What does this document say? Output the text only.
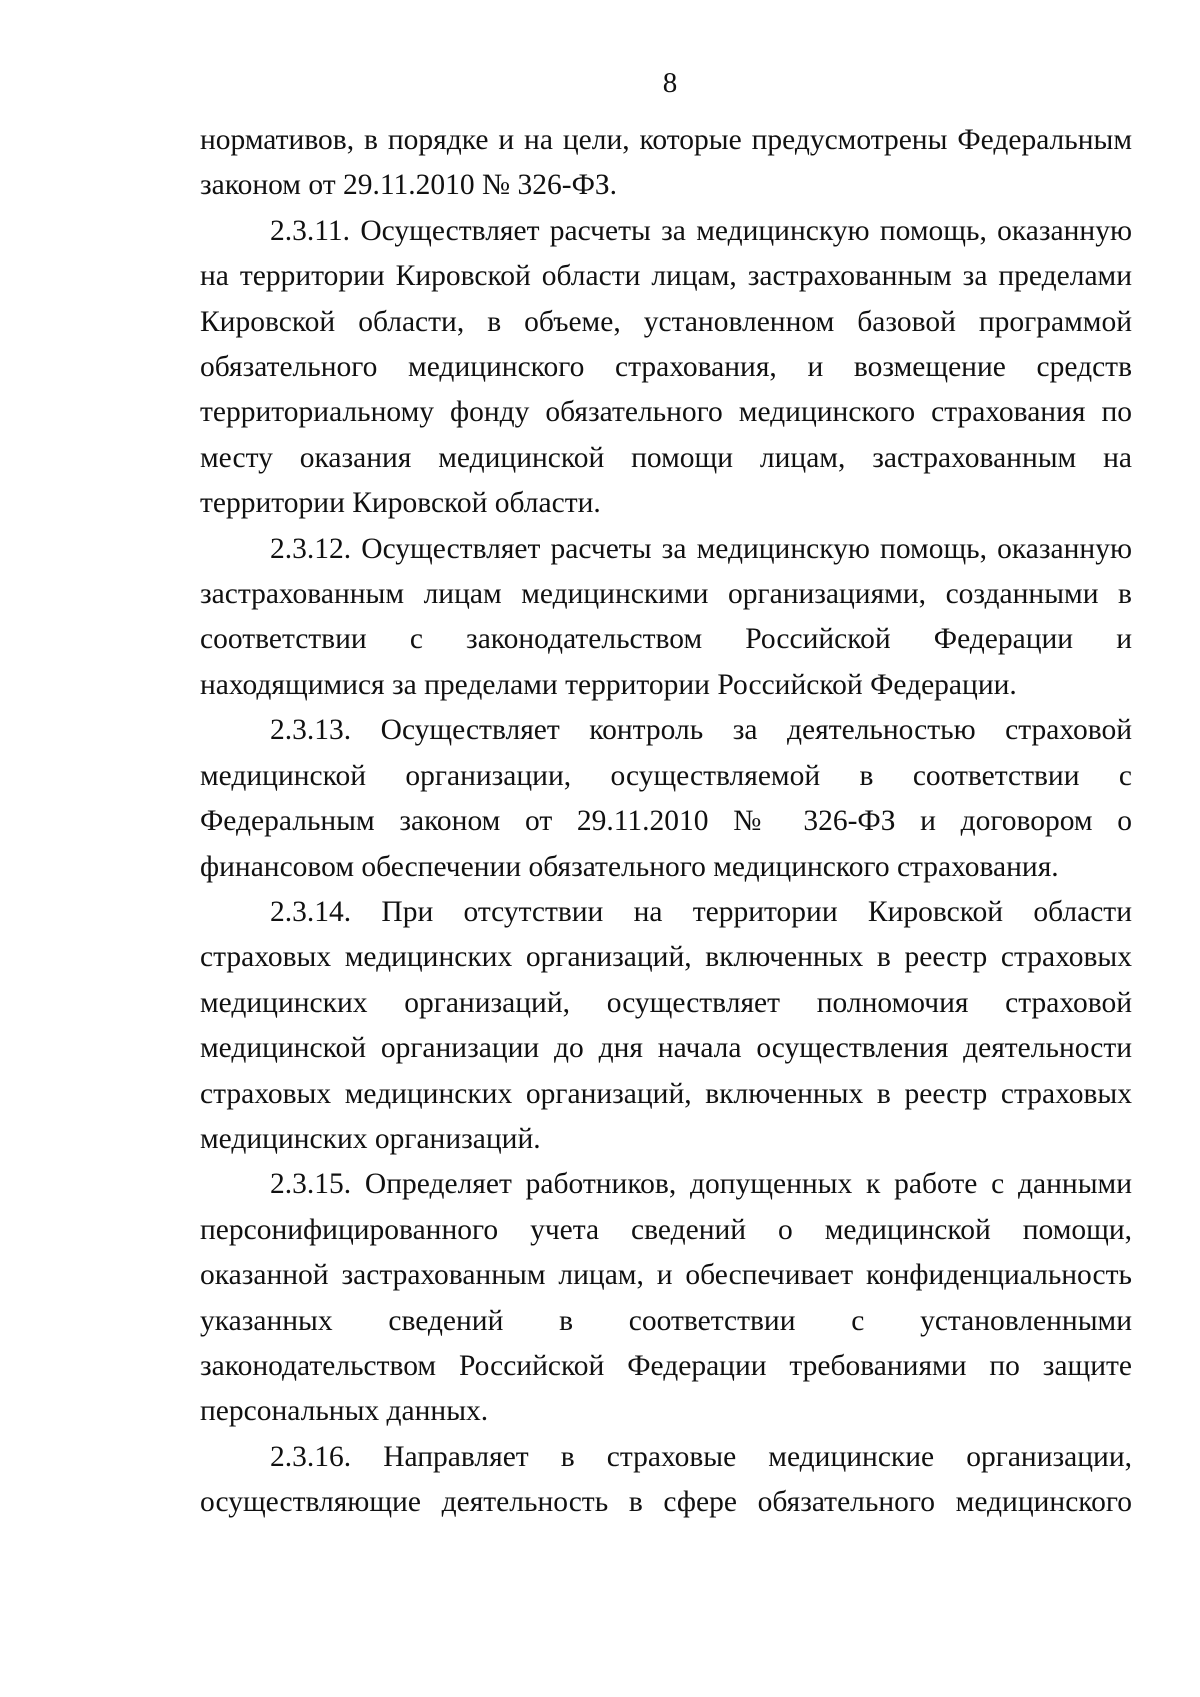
8

нормативов, в порядке и на цели, которые предусмотрены Федеральным законом от 29.11.2010 № 326-ФЗ.

2.3.11. Осуществляет расчеты за медицинскую помощь, оказанную на территории Кировской области лицам, застрахованным за пределами Кировской области, в объеме, установленном базовой программой обязательного медицинского страхования, и возмещение средств территориальному фонду обязательного медицинского страхования по месту оказания медицинской помощи лицам, застрахованным на территории Кировской области.

2.3.12. Осуществляет расчеты за медицинскую помощь, оказанную застрахованным лицам медицинскими организациями, созданными в соответствии с законодательством Российской Федерации и находящимися за пределами территории Российской Федерации.

2.3.13. Осуществляет контроль за деятельностью страховой медицинской организации, осуществляемой в соответствии с Федеральным законом от 29.11.2010 № 326-ФЗ и договором о финансовом обеспечении обязательного медицинского страхования.

2.3.14. При отсутствии на территории Кировской области страховых медицинских организаций, включенных в реестр страховых медицинских организаций, осуществляет полномочия страховой медицинской организации до дня начала осуществления деятельности страховых медицинских организаций, включенных в реестр страховых медицинских организаций.

2.3.15. Определяет работников, допущенных к работе с данными персонифицированного учета сведений о медицинской помощи, оказанной застрахованным лицам, и обеспечивает конфиденциальность указанных сведений в соответствии с установленными законодательством Российской Федерации требованиями по защите персональных данных.

2.3.16. Направляет в страховые медицинские организации, осуществляющие деятельность в сфере обязательного медицинского
